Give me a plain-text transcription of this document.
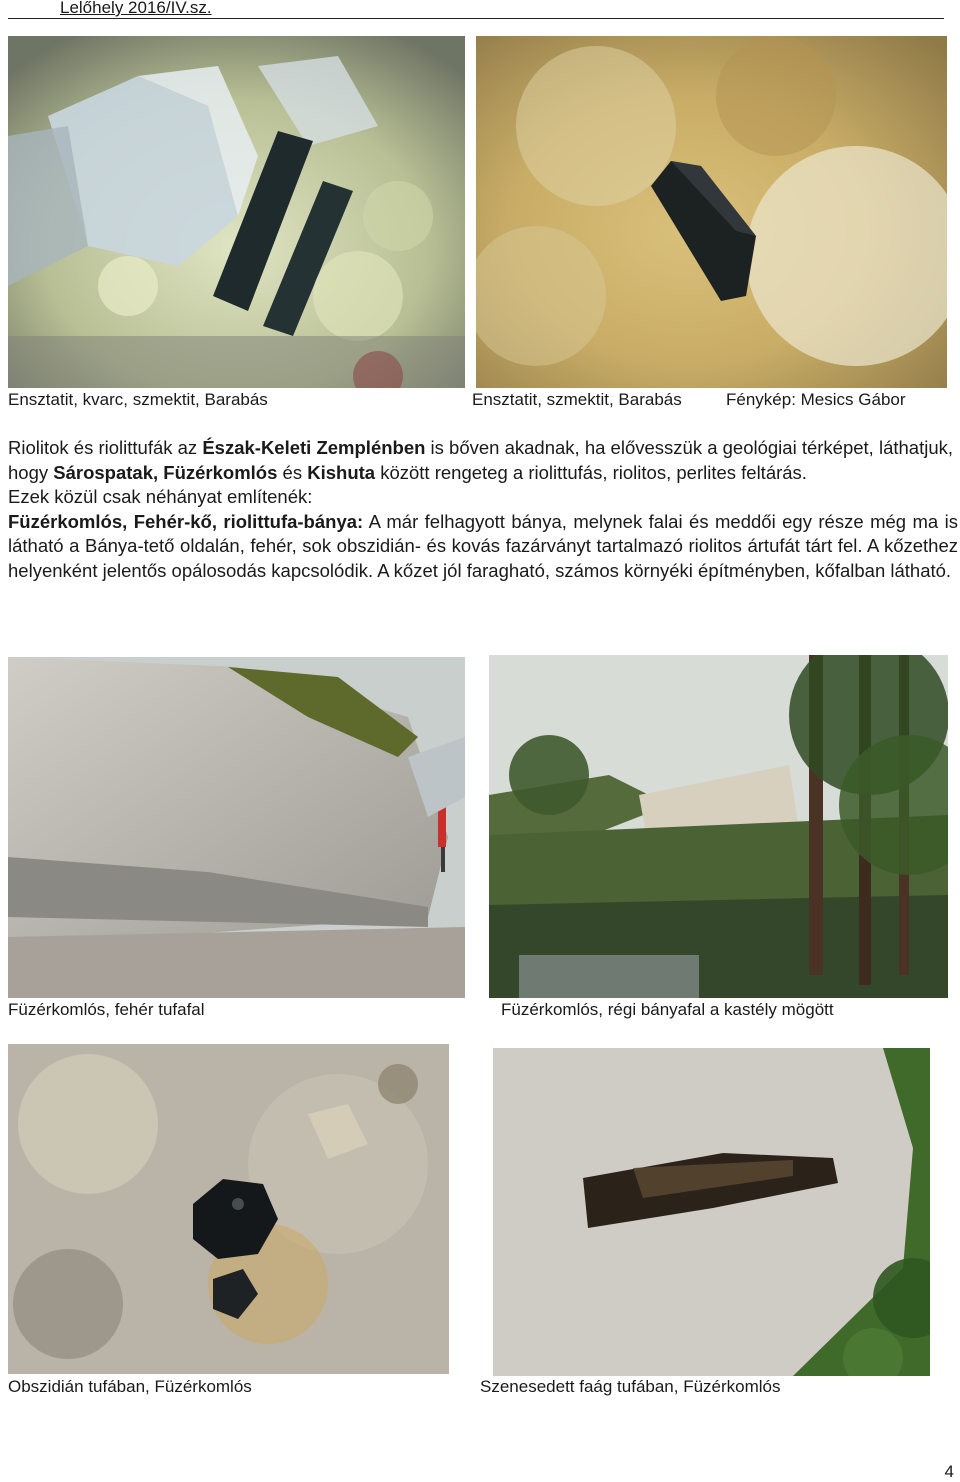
Lelőhely 2016/IV.sz.
Ensztatit, kvarc, szmektit, Barabás	Ensztatit, szmektit, Barabás	Fénykép: Mesics Gábor

Riolitok és riolittufák az Észak-Keleti Zemplénben is bőven akadnak, ha elővesszük a geológiai térképet, láthatjuk, hogy Sárospatak, Füzérkomlós és Kishuta között rengeteg a riolittufás, riolitos, perlites feltárás.

Ezek közül csak néhányat említenék:

Füzérkomlós, Fehér-kő, riolittufa-bánya: A már felhagyott bánya, melynek falai és meddői egy része még ma is látható a Bánya-tető oldalán, fehér, sok obszidián- és kovás fazárványt tartalmazó riolitos ártufát tárt fel. A kőzethez helyenként jelentős opálosodás kapcsolódik. A kőzet jól faragható, számos környéki építményben, kőfalban látható.

Füzérkomlós, fehér tufafal	Füzérkomlós, régi bányafal a kastély mögött
Obszidián tufában, Füzérkomlós	Szenesedett faág tufában, Füzérkomlós
4
